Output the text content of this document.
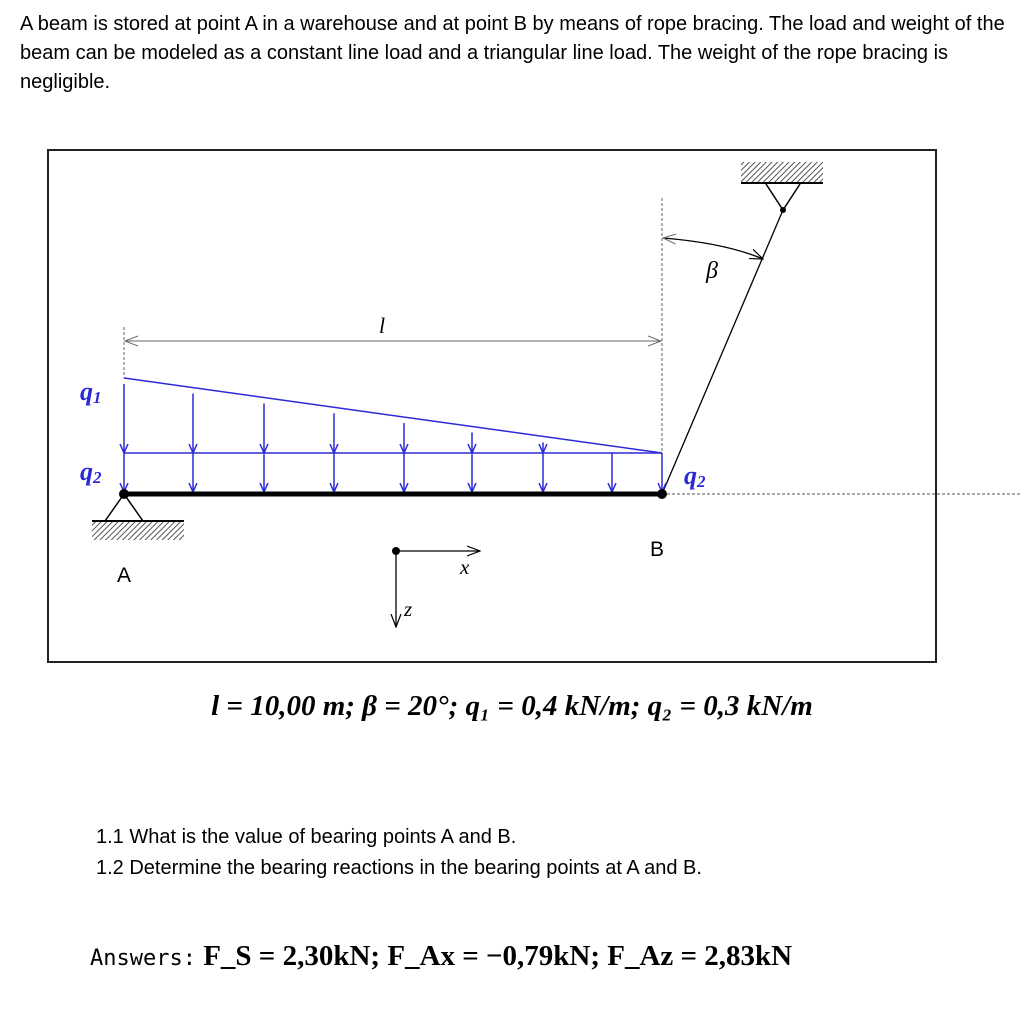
A beam is stored at point A in a warehouse and at point B by means of rope bracing. The load and weight of the beam can be modeled as a constant line load and a triangular line load. The weight of the rope bracing is negligible.
β
l
q1
q2	q2
A
B
x
z
l = 10,00 m; β = 20°; q₁ = 0,4 kN/m; q₂ = 0,3 kN/m
1.1 What is the value of bearing points A and B.
1.2 Determine the bearing reactions in the bearing points at A and B.
Answers: F_S = 2,30kN; F_Ax = −0,79kN; F_Az = 2,83kN
